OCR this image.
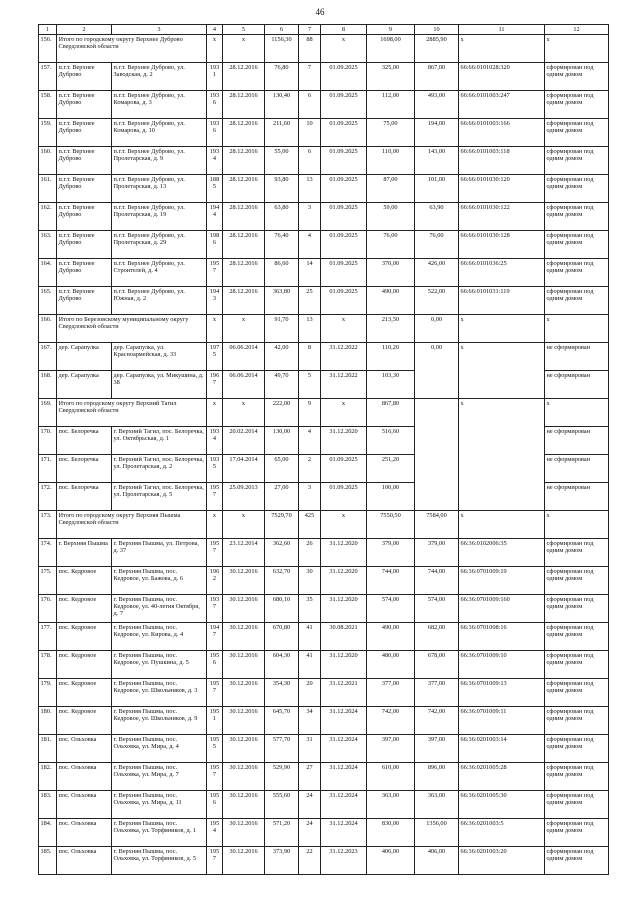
46
1	2	3	4	5	6	7	8	9	10	11	12
156.	Итого по городскому округу Верхнее Дуброво Свердловской области		х	х	1156,30	88	х	1698,00	2885,90	х	х
157.	п.г.т. Верхнее Дуброво	п.г.т. Верхнее Дуброво, ул. Заводская, д. 2	1931	28.12.2016	76,80	7	01.09.2025	325,00	867,00	66:66:0101028:320	сформирован под одним домом
158.	п.г.т. Верхнее Дуброво	п.г.т. Верхнее Дуброво, ул. Комарова, д. 3	1936	28.12.2016	130,40	6	01.09.2025	112,00	493,00	66:66:0101003:247	сформирован под одним домом
159.	п.г.т. Верхнее Дуброво	п.г.т. Верхнее Дуброво, ул. Комарова, д. 10	1936	28.12.2016	211,60	10	01.09.2025	75,00	194,00	66:66:0101003:166	сформирован под одним домом
160.	п.г.т. Верхнее Дуброво	п.г.т. Верхнее Дуброво, ул. Пролетарская, д. 9	1934	28.12.2016	55,00	6	01.09.2025	110,00	143,00	66:66:0101003:118	сформирован под одним домом
161.	п.г.т. Верхнее Дуброво	п.г.т. Верхнее Дуброво, ул. Пролетарская, д. 13	1885	28.12.2016	93,80	13	01.09.2025	87,00	101,00	66:66:0101030:120	сформирован под одним домом
162.	п.г.т. Верхнее Дуброво	п.г.т. Верхнее Дуброво, ул. Пролетарская, д. 19	1944	28.12.2016	63,80	3	01.09.2025	59,00	63,90	66:66:0101030:122	сформирован под одним домом
163.	п.г.т. Верхнее Дуброво	п.г.т. Верхнее Дуброво, ул. Пролетарская, д. 29	1986	28.12.2016	76,40	4	01.09.2025	76,00	76,00	66:66:0101030:128	сформирован под одним домом
164.	п.г.т. Верхнее Дуброво	п.г.т. Верхнее Дуброво, ул. Строителей, д. 4	1957	28.12.2016	86,60	14	01.09.2025	370,00	426,00	66:66:0101036:25	сформирован под одним домом
165.	п.г.т. Верхнее Дуброво	п.г.т. Верхнее Дуброво, ул. Южная, д. 2	1943	28.12.2016	363,80	25	01.09.2025	490,00	522,00	66:66:0101031:119	сформирован под одним домом
166.	Итого по Березовскому муниципальному округу Свердловской области		х	х	91,70	13	х	213,50	0,00	х	х
167.	дер. Сарапулка	дер. Сарапулка, ул. Красноармейская, д. 33	1975	06.06.2014	42,00	8	31.12.2022	110,20	0,00	х	не сформирован
168.	дер. Сарапулка	дер. Сарапулка, ул. Микушина, д. 38	1967	06.06.2014	49,70	5	31.12.2022	103,30			не сформирован
169.	Итого по городскому округу Верхний Тагил Свердловской области		х	х	222,00	9	х	867,80		х	х
170.	пос. Белоречка	г. Верхний Тагил, пос. Белоречка, ул. Октябрьская, д. 1	1934	20.02.2014	130,00	4	31.12.2020	516,60			не сформирован
171.	пос. Белоречка	г. Верхний Тагил, пос. Белоречка, ул. Пролетарская, д. 2	1935	17.04.2014	65,00	2	01.09.2025	251,20			не сформирован
172.	пос. Белоречка	г. Верхний Тагил, пос. Белоречка, ул. Пролетарская, д. 5	1957	25.09.2013	27,00	3	01.09.2025	100,00			не сформирован
173.	Итого по городскому округу Верхняя Пышма Свердловской области		х	х	7529,70	425	х	7550,50	7584,00	х	х
174.	г. Верхняя Пышма	г. Верхняя Пышма, ул. Петрова, д. 37	1957	23.12.2014	362,60	26	31.12.2020	379,00	379,00	66:36:0102006:35	сформирован под одним домом
175.	пос. Кедровое	г. Верхняя Пышма, пос. Кедровое, ул. Бажова, д. 6	1962	30.12.2016	632,70	30	31.12.2020	744,00	744,00	66:36:0701009:19	сформирован под одним домом
176.	пос. Кедровое	г. Верхняя Пышма, пос. Кедровое, ул. 40-летия Октября, д. 7	1937	30.12.2016	680,10	35	31.12.2020	574,00	574,00	66:36:0701009:160	сформирован под одним домом
177.	пос. Кедровое	г. Верхняя Пышма, пос. Кедровое, ул. Кирова, д. 4	1947	30.12.2016	670,80	41	30.08.2021	490,00	682,00	66:36:0701008:16	сформирован под одним домом
178.	пос. Кедровое	г. Верхняя Пышма, пос. Кедровое, ул. Пушкина, д. 5	1956	30.12.2016	604,30	41	31.12.2020	480,00	678,00	66:36:0701009:10	сформирован под одним домом
179.	пос. Кедровое	г. Верхняя Пышма, пос. Кедровое, ул. Школьников, д. 3	1957	30.12.2016	354,30	20	31.12.2021	377,00	377,00	66:36:0701009:13	сформирован под одним домом
180.	пос. Кедровое	г. Верхняя Пышма, пос. Кедровое, ул. Школьников, д. 9	1951	30.12.2016	645,70	34	31.12.2024	742,00	742,00	66:36:0701009:11	сформирован под одним домом
181.	пос. Ольховка	г. Верхняя Пышма, пос. Ольховка, ул. Мира, д. 4	1955	30.12.2016	577,70	31	31.12.2024	397,00	397,00	66:36:0201003:14	сформирован под одним домом
182.	пос. Ольховка	г. Верхняя Пышма, пос. Ольховка, ул. Мира, д. 7	1957	30.12.2016	529,90	27	31.12.2024	610,00	896,00	66:36:0201005:28	сформирован под одним домом
183.	пос. Ольховка	г. Верхняя Пышма, пос. Ольховка, ул. Мира, д. 11	1956	30.12.2016	555,60	24	31.12.2024	363,00	363,00	66:36:0201005:30	сформирован под одним домом
184.	пос. Ольховка	г. Верхняя Пышма, пос. Ольховка, ул. Торфяников, д. 1	1954	30.12.2016	571,20	24	31.12.2024	830,00	1356,00	66:36:0201003:5	сформирован под одним домом
185.	пос. Ольховка	г. Верхняя Пышма, пос. Ольховка, ул. Торфяников, д. 5	1957	30.12.2016	373,90	22	31.12.2023	406,00	406,00	66:36:0201003:20	сформирован под одним домом
